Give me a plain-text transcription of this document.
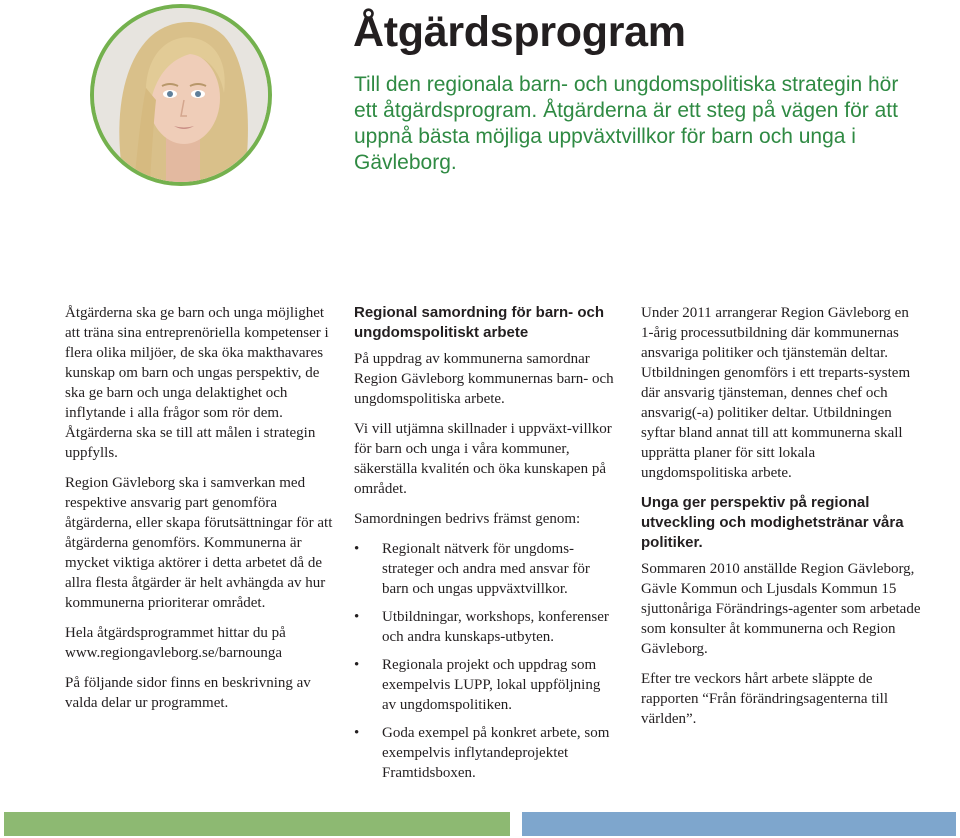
Åtgärdsprogram

Till den regionala barn- och ungdomspolitiska strategin hör ett åtgärdsprogram. Åtgärderna är ett steg på vägen för att uppnå bästa möjliga uppväxtvillkor för barn och unga i Gävleborg.

Åtgärderna ska ge barn och unga möjlighet att träna sina entreprenöriella kompetenser i flera olika miljöer, de ska öka makthavares kunskap om barn och ungas perspektiv, de ska ge barn och unga delaktighet och inflytande i alla frågor som rör dem. Åtgärderna ska se till att målen i strategin uppfylls.

Region Gävleborg ska i samverkan med respektive ansvarig part genomföra åtgärderna, eller skapa förutsättningar för att åtgärderna genomförs. Kommunerna är mycket viktiga aktörer i detta arbetet då de allra flesta åtgärder är helt avhängda av hur kommunerna prioriterar området.

Hela åtgärdsprogrammet hittar du på www.regiongavleborg.se/barnounga

På följande sidor finns en beskrivning av valda delar ur programmet.

Regional samordning för barn- och ungdomspolitiskt arbete

På uppdrag av kommunerna samordnar Region Gävleborg kommunernas barn- och ungdomspolitiska arbete.

Vi vill utjämna skillnader i uppväxt-villkor för barn och unga i våra kommuner, säkerställa kvalitén och öka kunskapen på området.

Samordningen bedrivs främst genom:

• Regionalt nätverk för ungdoms-strateger och andra med ansvar för barn och ungas uppväxtvillkor.
• Utbildningar, workshops, konferenser och andra kunskaps-utbyten.
• Regionala projekt och uppdrag som exempelvis LUPP, lokal uppföljning av ungdomspolitiken.
• Goda exempel på konkret arbete, som exempelvis inflytandeprojektet Framtidsboxen.

Under 2011 arrangerar Region Gävleborg en 1-årig processutbildning där kommunernas ansvariga politiker och tjänstemän deltar. Utbildningen genomförs i ett treparts-system där ansvarig tjänsteman, dennes chef och ansvarig(-a) politiker deltar. Utbildningen syftar bland annat till att kommunerna skall upprätta planer för sitt lokala ungdomspolitiska arbete.

Unga ger perspektiv på regional utveckling och modighetstränar våra politiker.

Sommaren 2010 anställde Region Gävleborg, Gävle Kommun och Ljusdals Kommun 15 sjuttonåriga Förändrings-agenter som arbetade som konsulter åt kommunerna och Region Gävleborg.

Efter tre veckors hårt arbete släppte de rapporten “Från förändringsagenterna till världen”.
